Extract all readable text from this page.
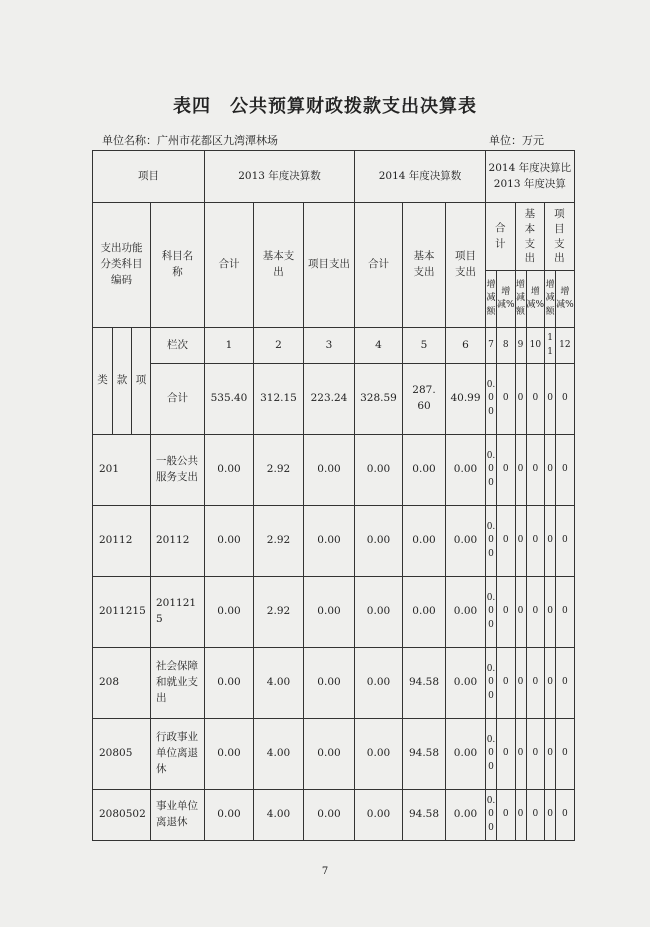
表四　公共预算财政拨款支出决算表
单位名称：广州市花都区九湾潭林场	单位：万元
项目				2013 年度决算数			2014 年度决算数			2014 年度决算比 2013 年度决算					
支出功能分类科目编码			科目名称	合计	基本支出	项目支出	合计	基本支出	项目支出	合计		基本支出		项目支出	
										增减额	增减%	增减额	增减%	增减额	增减%
类	款	项	栏次	1	2	3	4	5	6	7	8	9	10	11	12
			合计	535.40	312.15	223.24	328.59	287.60	40.99	0.00	0	0	0	0	0
201			一般公共服务支出	0.00	2.92	0.00	0.00	0.00	0.00	0.00	0	0	0	0	0
20112			20112	0.00	2.92	0.00	0.00	0.00	0.00	0.00	0	0	0	0	0
2011215			2011215	0.00	2.92	0.00	0.00	0.00	0.00	0.00	0	0	0	0	0
208			社会保障和就业支出	0.00	4.00	0.00	0.00	94.58	0.00	0.00	0	0	0	0	0
20805			行政事业单位离退休	0.00	4.00	0.00	0.00	94.58	0.00	0.00	0	0	0	0	0
2080502			事业单位离退休	0.00	4.00	0.00	0.00	94.58	0.00	0.00	0	0	0	0	0
7
